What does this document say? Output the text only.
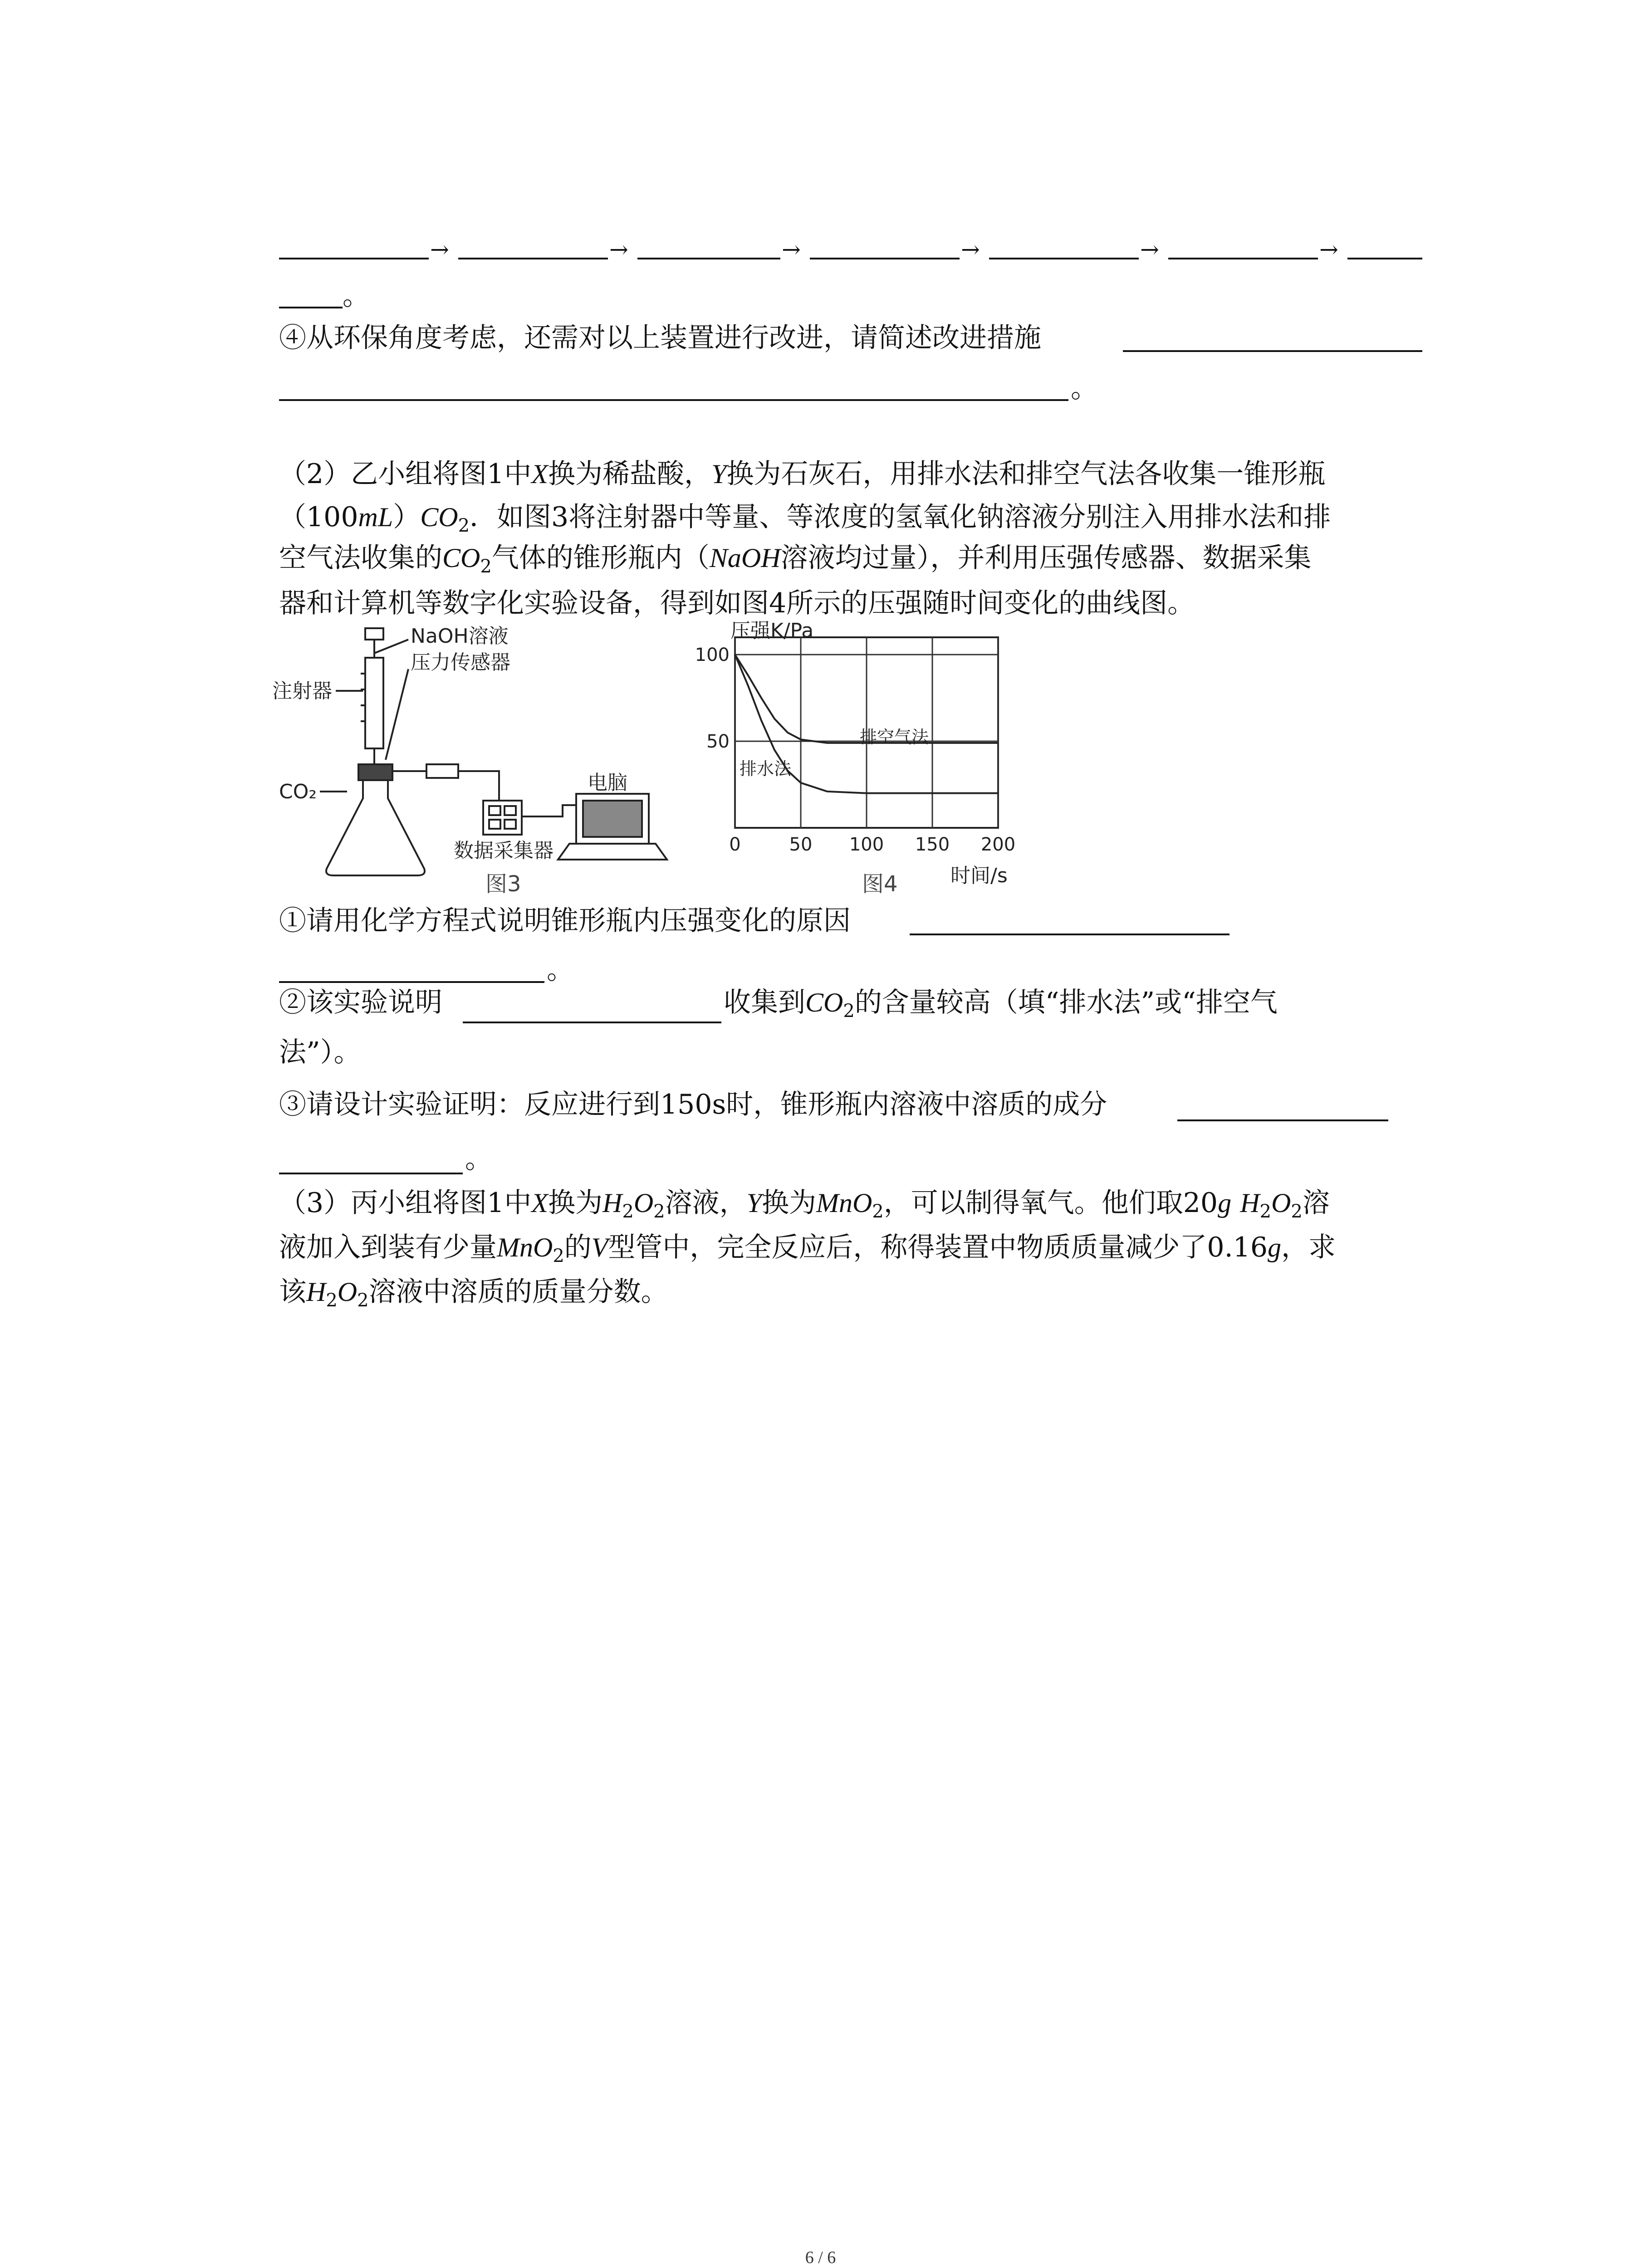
→	→	→	→	→	→
。
④从环保角度考虑，还需对以上装置进行改进，请简述改进措施
。
（2）乙小组将图1中X换为稀盐酸，Y换为石灰石，用排水法和排空气法各收集一锥形瓶
$(100mL)CO_2$．如图3将注射器中等量、等浓度的氢氧化钠溶液分别注入用排水法和排
空气法收集的$CO_2$气体的锥形瓶内（NaOH溶液均过量），并利用压强传感器、数据采集
器和计算机等数字化实验设备，得到如图4所示的压强随时间变化的曲线图。
NaOH溶液
压力传感器
注射器
CO₂	电脑
数据采集器
图3
0	50 100 150 200
50
100
压强K/Pa
时间/s
排空气法
排水法
图4
①请用化学方程式说明锥形瓶内压强变化的原因
。
②该实验说明	收集到$CO_2$的含量较高（填“排水法”或“排空气
法”）。
③请设计实验证明：反应进行到150s时，锥形瓶内溶液中溶质的成分
。
（3）丙小组将图1中X换为$H_2O_2$溶液，Y换为MnO$_2$，可以制得氧气。他们取20g $H_2O_2$溶
液加入到装有少量MnO$_2$的V型管中，完全反应后，称得装置中物质质量减少了0.16g，求
该$H_2O_2$溶液中溶质的质量分数。
6 / 6
